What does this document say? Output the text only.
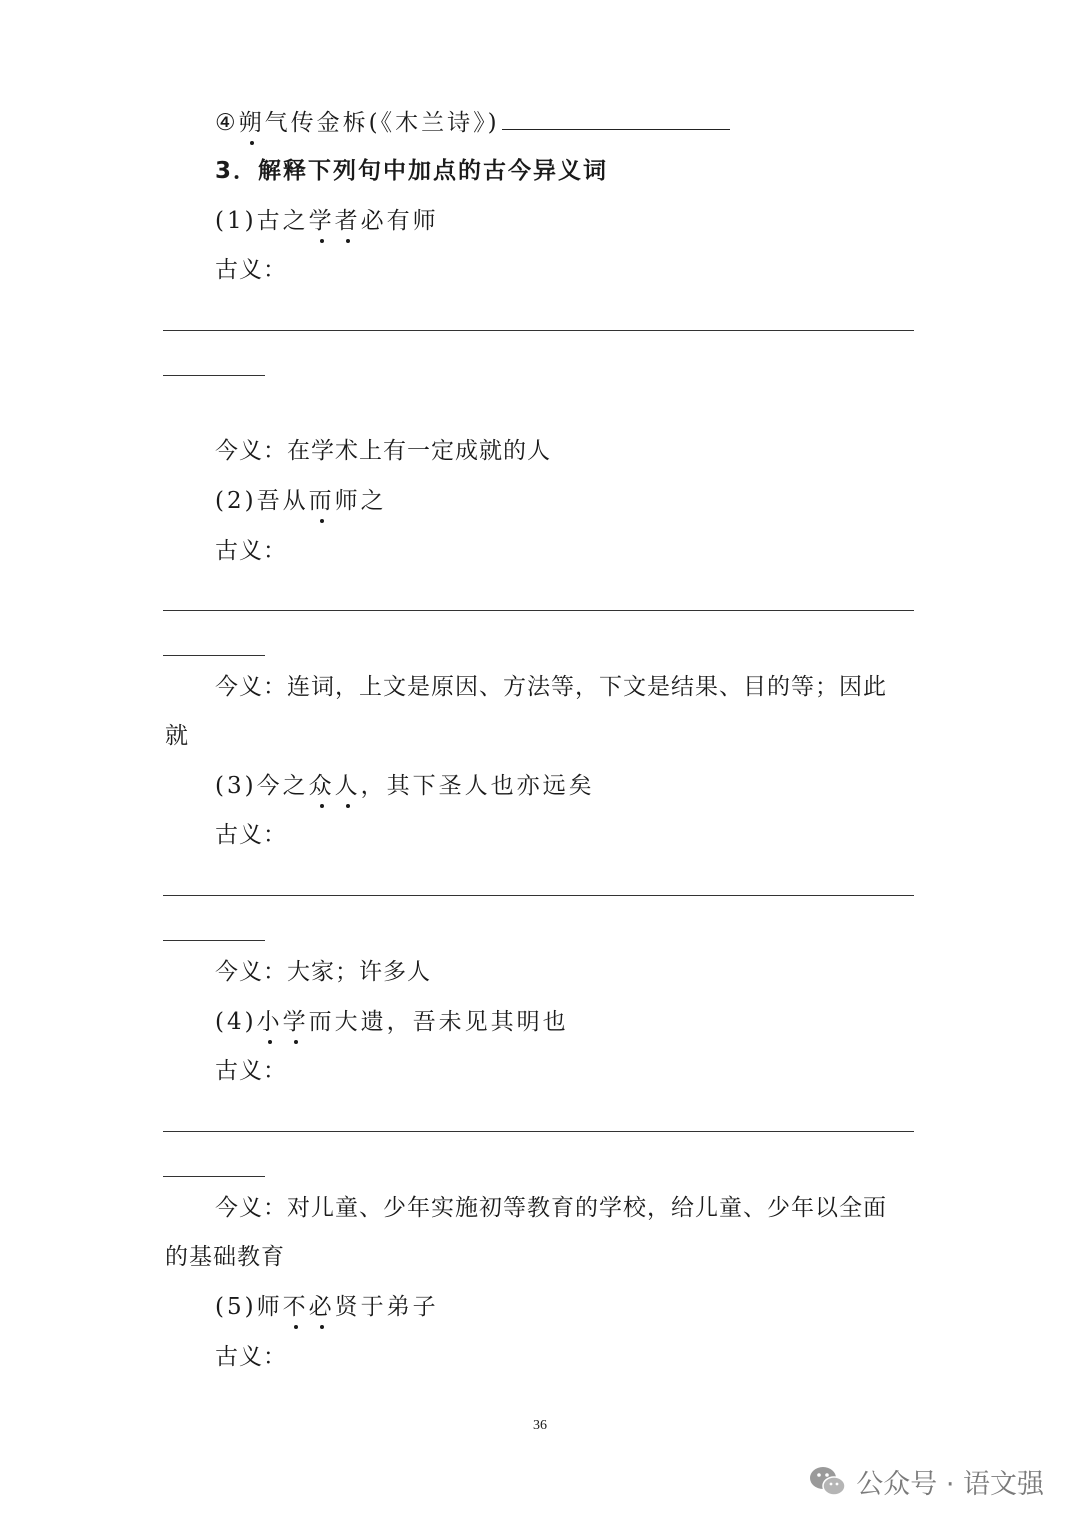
④朔气传金柝(《木兰诗》)
3．解释下列句中加点的古今异义词
(1)古之学者必有师
古义：
今义：在学术上有一定成就的人
(2)吾从而师之
古义：
今义：连词，上文是原因、方法等，下文是结果、目的等；因此
就
(3)今之众人，其下圣人也亦远矣
古义：
今义：大家；许多人
(4)小学而大遗，吾未见其明也
古义：
今义：对儿童、少年实施初等教育的学校，给儿童、少年以全面
的基础教育
(5)师不必贤于弟子
古义：
36
公众号 · 语文强
